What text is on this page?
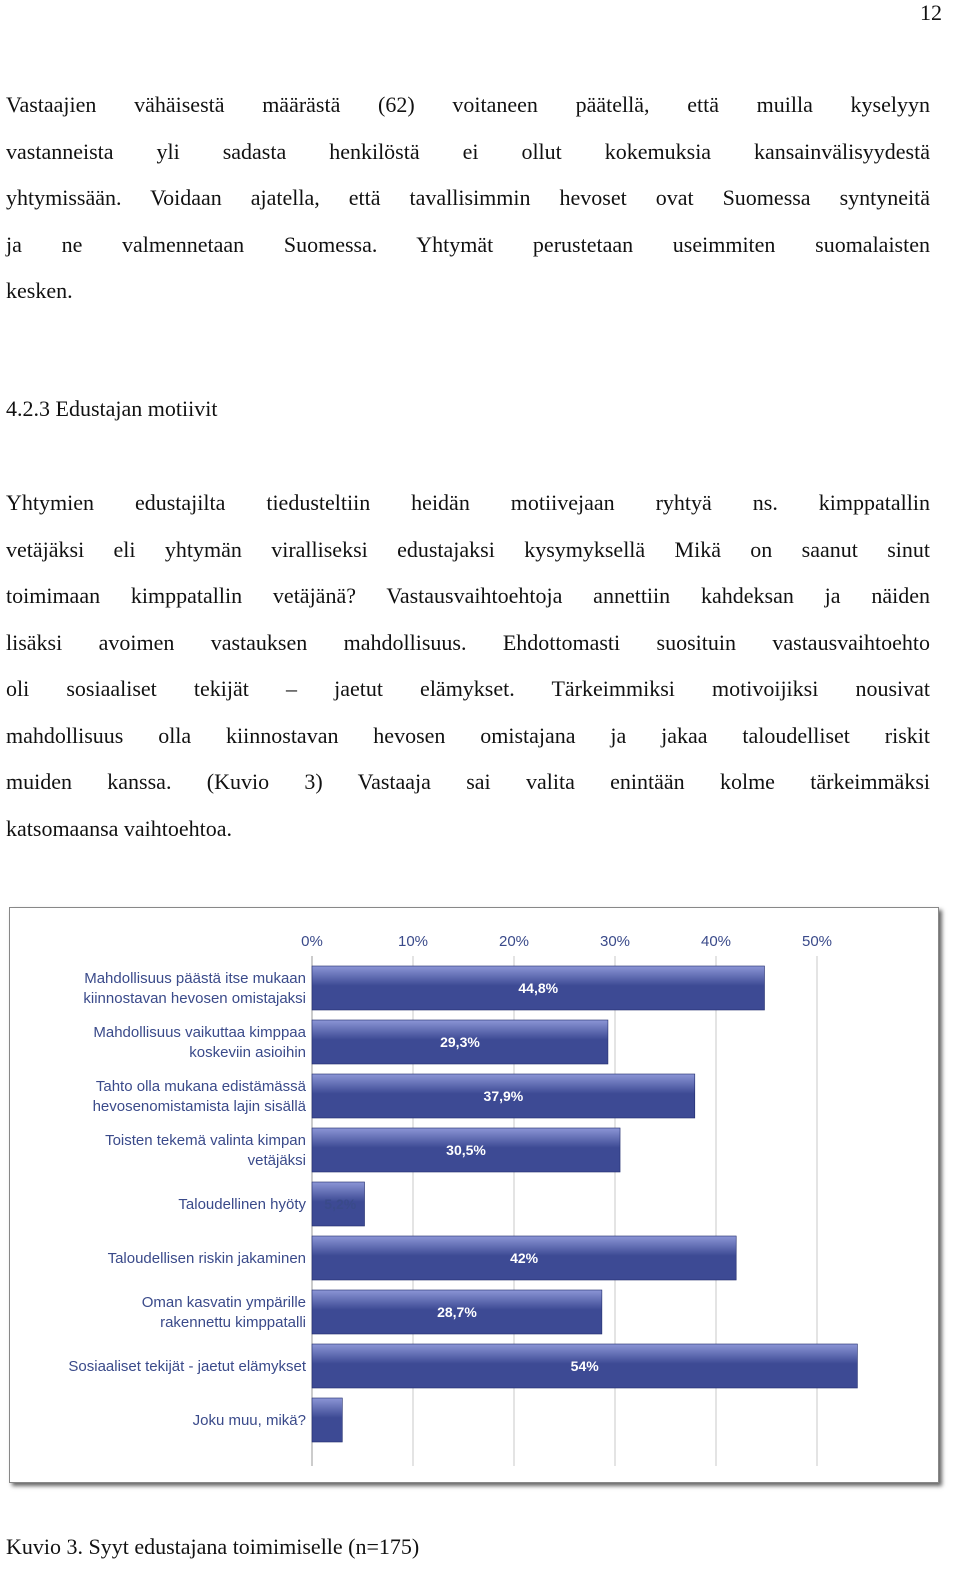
12
Vastaajien vähäisestä määrästä (62) voitaneen päätellä, että muilla kyselyyn
vastanneista yli sadasta henkilöstä ei ollut kokemuksia kansainvälisyydestä
yhtymissään. Voidaan ajatella, että tavallisimmin hevoset ovat Suomessa syntyneitä
ja ne valmennetaan Suomessa. Yhtymät perustetaan useimmiten suomalaisten
kesken.
4.2.3 Edustajan motiivit
Yhtymien edustajilta tiedusteltiin heidän motiivejaan ryhtyä ns. kimppatallin
vetäjäksi eli yhtymän viralliseksi edustajaksi kysymyksellä Mikä on saanut sinut
toimimaan kimppatallin vetäjänä? Vastausvaihtoehtoja annettiin kahdeksan ja näiden
lisäksi avoimen vastauksen mahdollisuus. Ehdottomasti suosituin vastausvaihtoehto
oli sosiaaliset tekijät – jaetut elämykset. Tärkeimmiksi motivoijiksi nousivat
mahdollisuus olla kiinnostavan hevosen omistajana ja jakaa taloudelliset riskit
muiden kanssa. (Kuvio 3) Vastaaja sai valita enintään kolme tärkeimmäksi
katsomaansa vaihtoehtoa.
0%	10%	20%	30%	40%	50%
Mahdollisuus päästä itse mukaan
kiinnostavan hevosen omistajaksi
44,8%
Mahdollisuus vaikuttaa kimppaa
koskeviin asioihin
29,3%
Tahto olla mukana edistämässä
hevosenomistamista lajin sisällä
37,9%
Toisten tekemä valinta kimpan
vetäjäksi
30,5%
Taloudellinen hyöty 5,2%
Taloudellisen riskin jakaminen	42%
Oman kasvatin ympärille
rakennettu kimppatalli
28,7%
Sosiaaliset tekijät - jaetut elämykset	54%
Joku muu, mikä?

Kuvio 3. Syyt edustajana toimimiselle (n=175)
